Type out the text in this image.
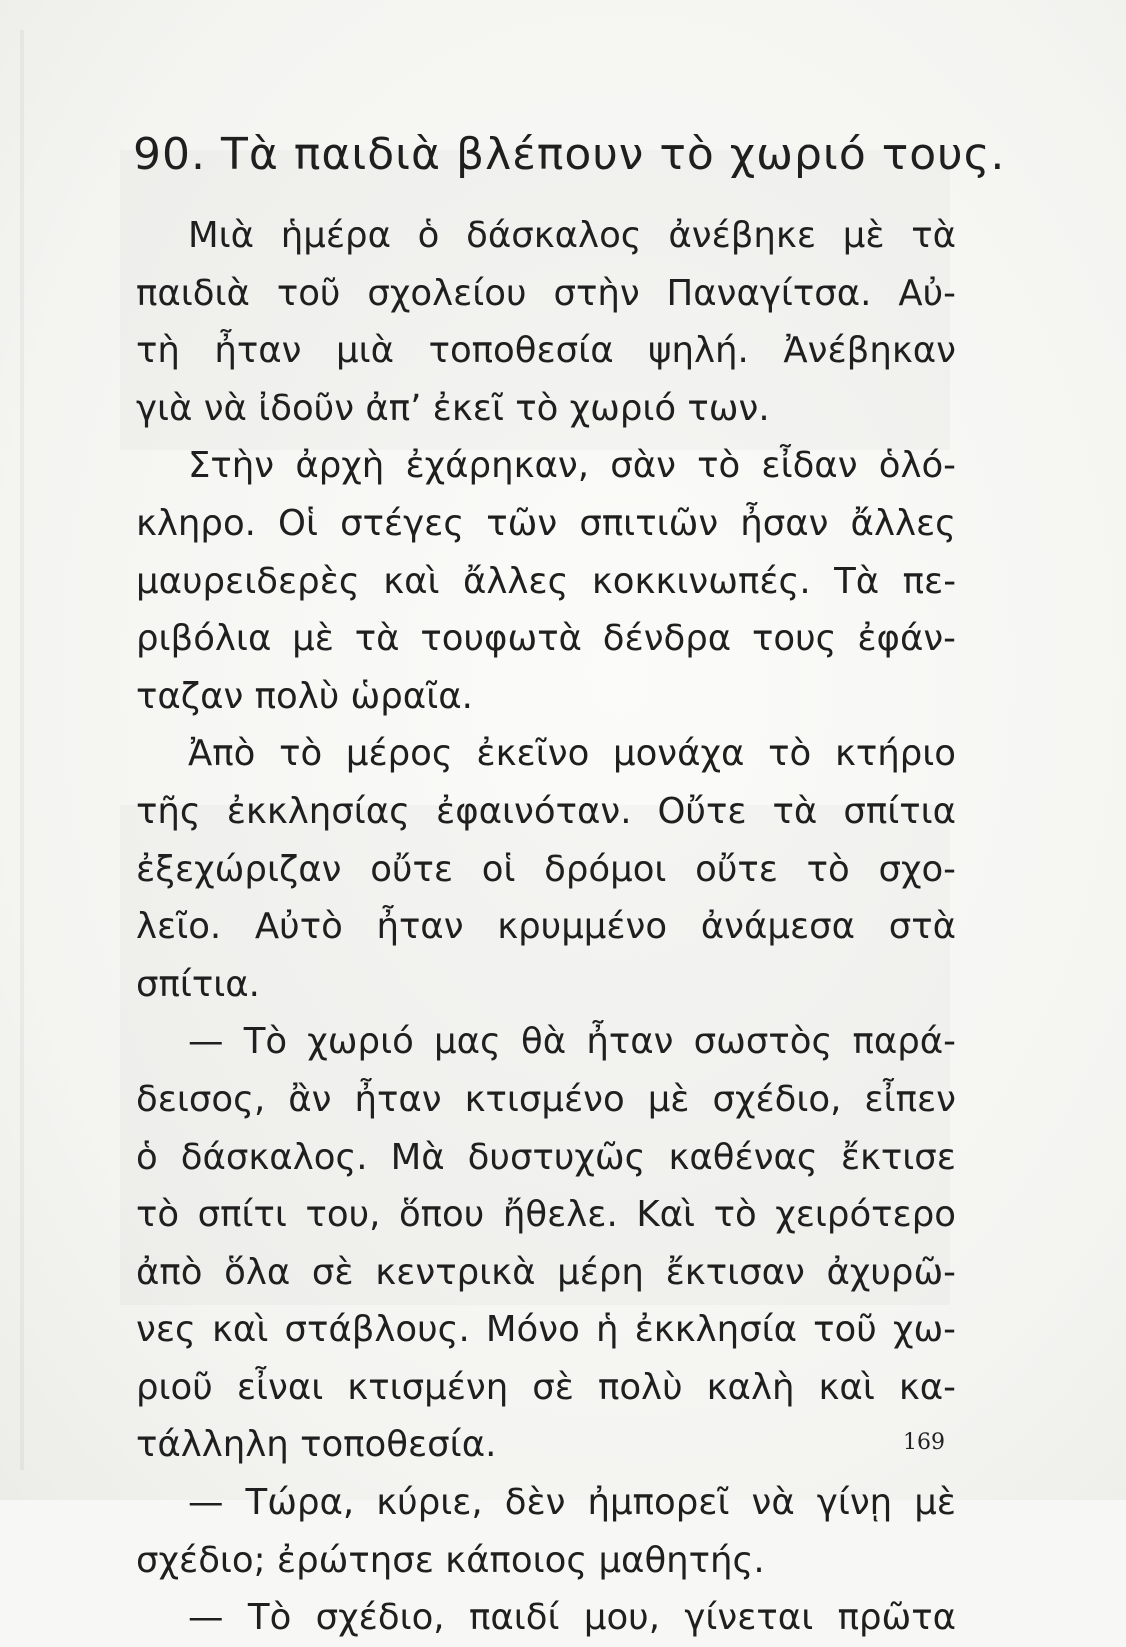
90. Τὰ παιδιὰ βλέπουν τὸ χωριό τους.
Μιὰ ἡμέρα ὁ δάσκαλος ἀνέβηκε μὲ τὰ
παιδιὰ τοῦ σχολείου στὴν Παναγίτσα. Αὐ-
τὴ ἦταν μιὰ τοποθεσία ψηλή. Ἀνέβηκαν
γιὰ νὰ ἰδοῦν ἀπ’ ἐκεῖ τὸ χωριό των.
Στὴν ἀρχὴ ἐχάρηκαν, σὰν τὸ εἶδαν ὁλό-
κληρο. Οἱ στέγες τῶν σπιτιῶν ἦσαν ἄλλες
μαυρειδερὲς καὶ ἄλλες κοκκινωπές. Τὰ πε-
ριβόλια μὲ τὰ τουφωτὰ δένδρα τους ἐφάν-
ταζαν πολὺ ὡραῖα.
Ἀπὸ τὸ μέρος ἐκεῖνο μονάχα τὸ κτήριο
τῆς ἐκκλησίας ἐφαινόταν. Οὔτε τὰ σπίτια
ἐξεχώριζαν οὔτε οἱ δρόμοι οὔτε τὸ σχο-
λεῖο. Αὐτὸ ἦταν κρυμμένο ἀνάμεσα στὰ
σπίτια.
— Τὸ χωριό μας θὰ ἦταν σωστὸς παρά-
δεισος, ἂν ἦταν κτισμένο μὲ σχέδιο, εἶπεν
ὁ δάσκαλος. Μὰ δυστυχῶς καθένας ἔκτισε
τὸ σπίτι του, ὅπου ἤθελε. Καὶ τὸ χειρότερο
ἀπὸ ὅλα σὲ κεντρικὰ μέρη ἔκτισαν ἀχυρῶ-
νες καὶ στάβλους. Μόνο ἡ ἐκκλησία τοῦ χω-
ριοῦ εἶναι κτισμένη σὲ πολὺ καλὴ καὶ κα-
τάλληλη τοποθεσία.
— Τώρα, κύριε, δὲν ἠμπορεῖ νὰ γίνῃ μὲ
σχέδιο; ἐρώτησε κάποιος μαθητής.
— Τὸ σχέδιο, παιδί μου, γίνεται πρῶτα
169
